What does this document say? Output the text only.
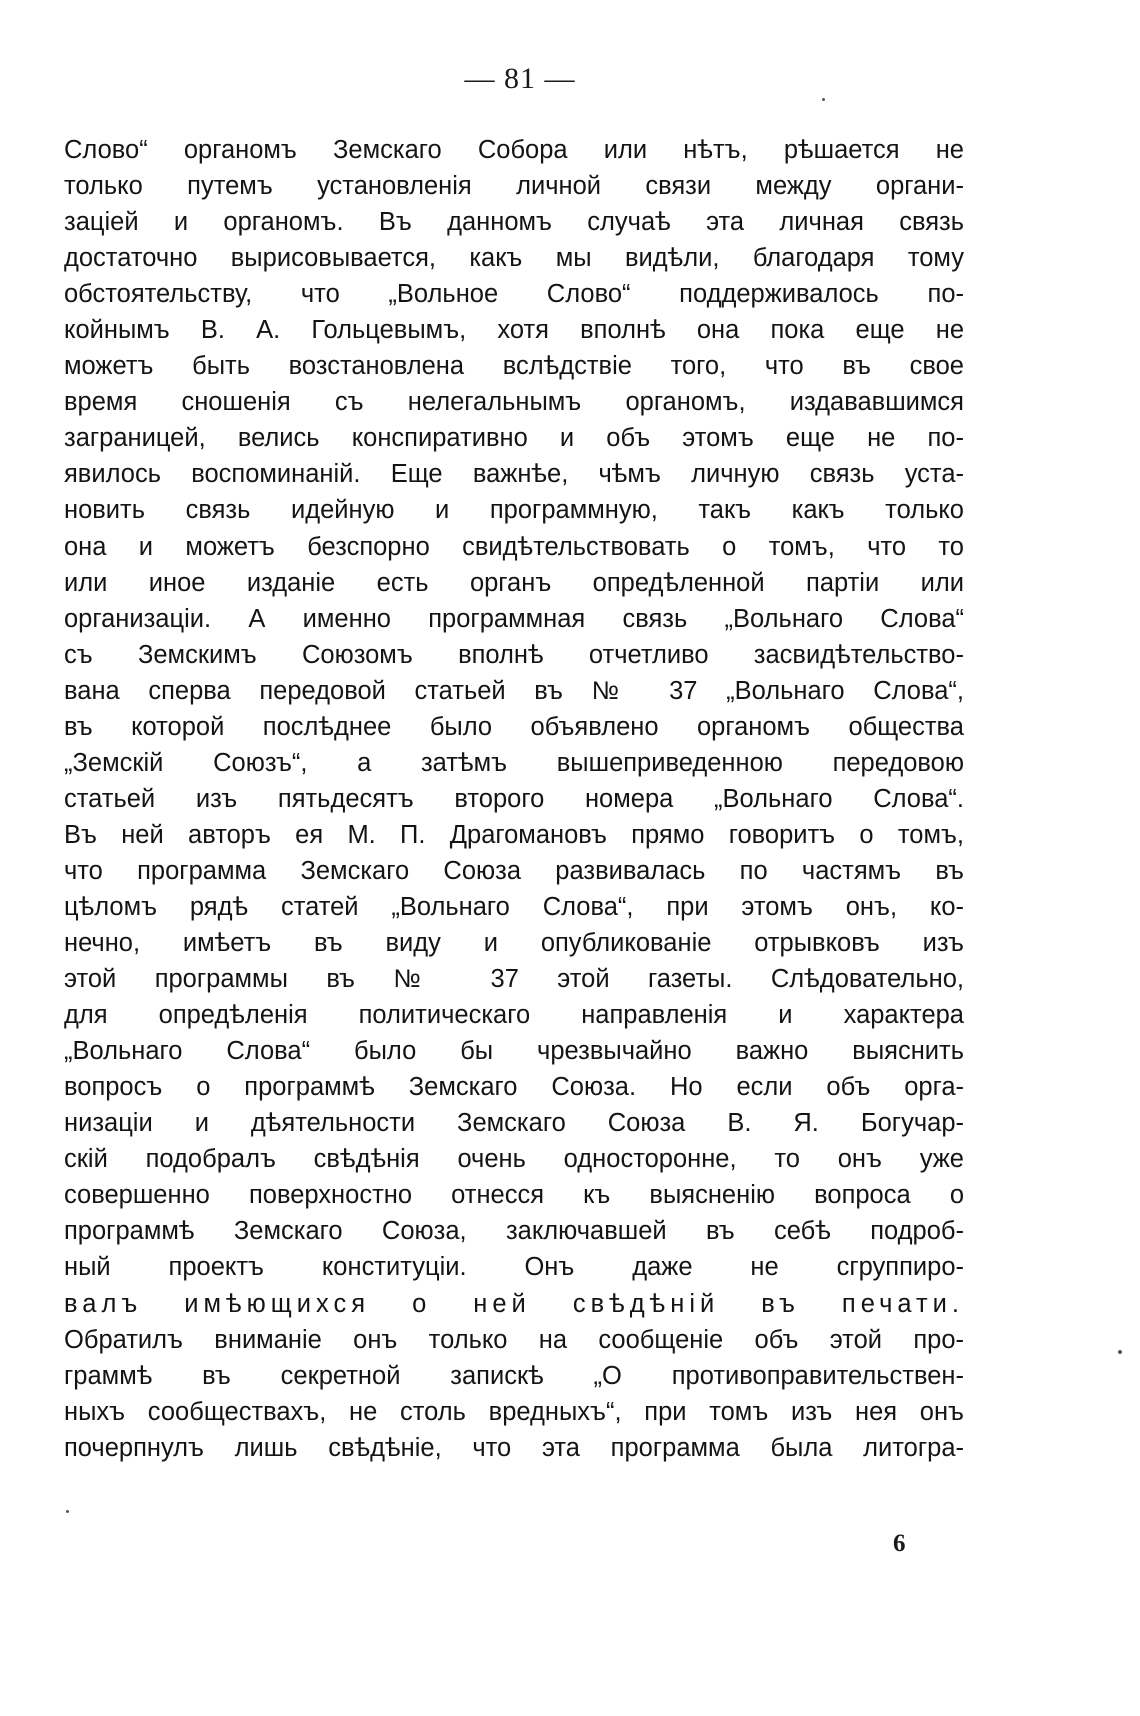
— 81 —
Слово“ органомъ Земскаго Собора или нѣтъ, рѣшается не
только путемъ установленія личной связи между органи-
заціей и органомъ. Въ данномъ случаѣ эта личная связь
достаточно вырисовывается, какъ мы видѣли, благодаря тому
обстоятельству, что „Вольное Слово“ поддерживалось по-
койнымъ В. А. Гольцевымъ, хотя вполнѣ она пока еще не
можетъ быть возстановлена вслѣдствіе того, что въ свое
время сношенія съ нелегальнымъ органомъ, издававшимся
заграницей, велись конспиративно и объ этомъ еще не по-
явилось воспоминаній. Еще важнѣе, чѣмъ личную связь уста-
новить связь идейную и программную, такъ какъ только
она и можетъ безспорно свидѣтельствовать о томъ, что то
или иное изданіе есть органъ опредѣленной партіи или
организаціи. А именно программная связь „Вольнаго Слова“
съ Земскимъ Союзомъ вполнѣ отчетливо засвидѣтельство-
вана сперва передовой статьей въ № 37 „Вольнаго Слова“,
въ которой послѣднее было объявлено органомъ общества
„Земскій Союзъ“, а затѣмъ вышеприведенною передовою
статьей изъ пятьдесятъ второго номера „Вольнаго Слова“.
Въ ней авторъ ея М. П. Драгомановъ прямо говоритъ о томъ,
что программа Земскаго Союза развивалась по частямъ въ
цѣломъ рядѣ статей „Вольнаго Слова“, при этомъ онъ, ко-
нечно, имѣетъ въ виду и опубликованіе отрывковъ изъ
этой программы въ № 37 этой газеты. Слѣдовательно,
для опредѣленія политическаго направленія и характера
„Вольнаго Слова“ было бы чрезвычайно важно выяснить
вопросъ о программѣ Земскаго Союза. Но если объ орга-
низаціи и дѣятельности Земскаго Союза В. Я. Богучар-
скій подобралъ свѣдѣнія очень одностороннe, то онъ уже
совершенно поверхностно отнесся къ выясненію вопроса о
программѣ Земскаго Союза, заключавшей въ себѣ подроб-
ный проектъ конституціи. Онъ даже не сгруппиро-
валъ имѣющихся о ней свѣдѣній въ печати.
Обратилъ вниманіе онъ только на сообщеніе объ этой про-
граммѣ въ секретной запискѣ „О противоправительствен-
ныхъ сообществахъ, не столь вредныхъ“, при томъ изъ нея онъ
почерпнулъ лишь свѣдѣніе, что эта программа была литогра-
6
